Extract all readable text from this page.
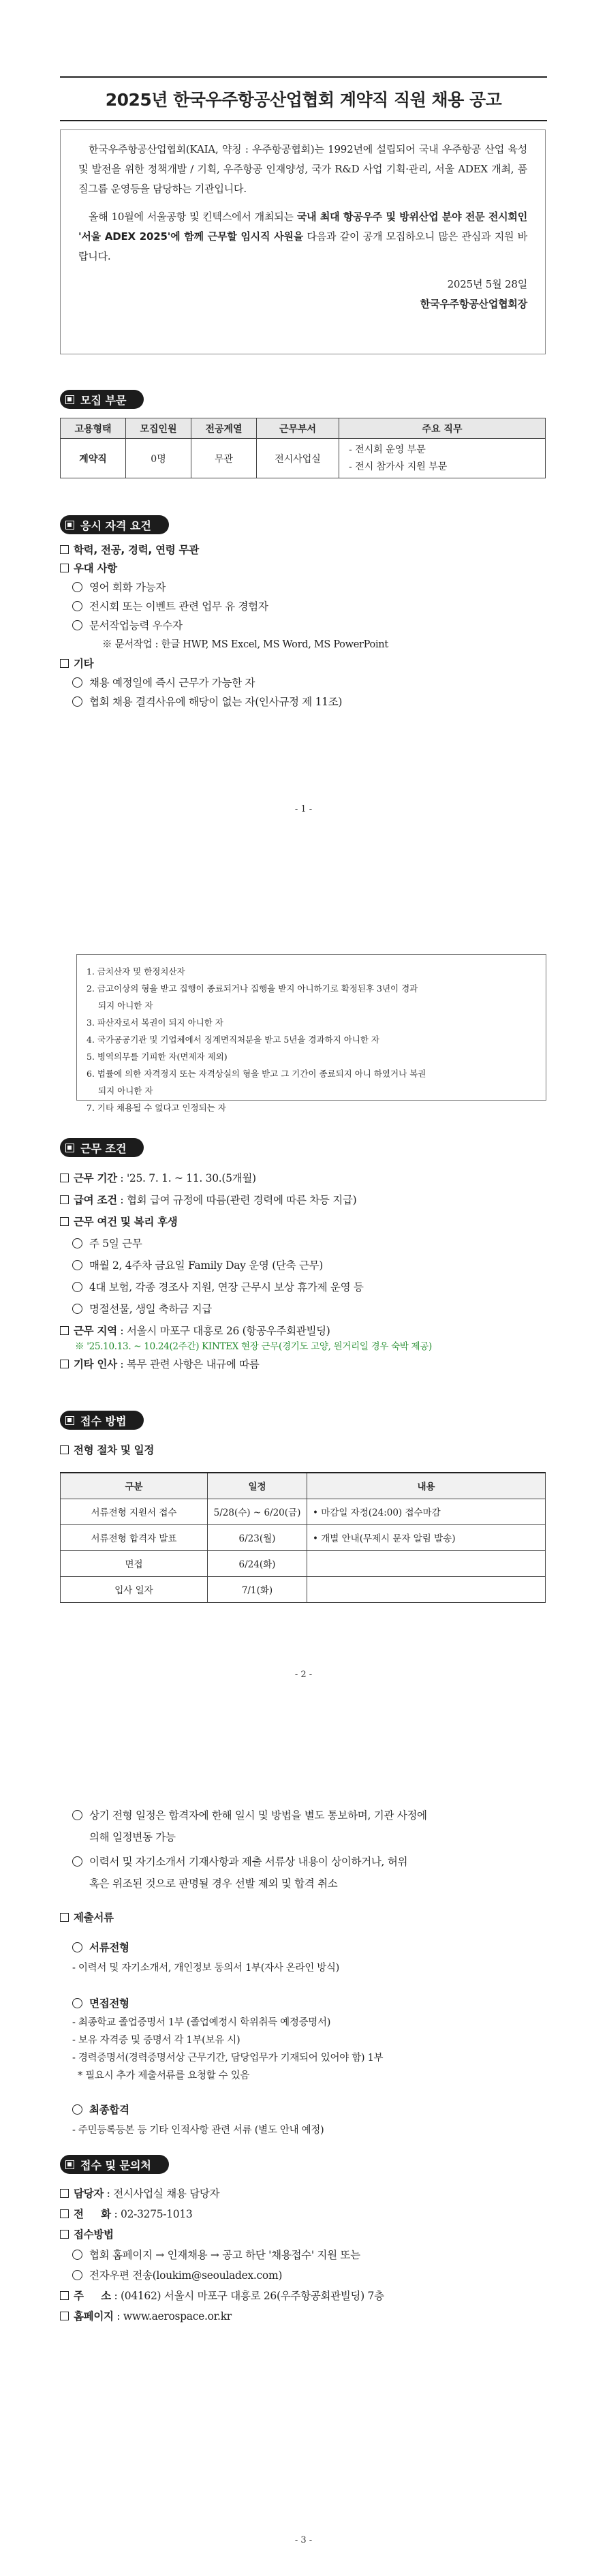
2025년 한국우주항공산업협회 계약직 직원 채용 공고

한국우주항공산업협회(KAIA, 약칭 : 우주항공협회)는 1992년에 설립되어 국내 우주항공 산업 육성 및 발전을 위한 정책개발 / 기획, 우주항공 인재양성, 국가 R&D 사업 기획·관리, 서울 ADEX 개최, 품질그룹 운영등을 담당하는 기관입니다.

올해 10월에 서울공항 및 킨텍스에서 개최되는 국내 최대 항공우주 및 방위산업 분야 전문 전시회인 '서울 ADEX 2025'에 함께 근무할 임시직 사원을 다음과 같이 공개 모집하오니 많은 관심과 지원 바랍니다.

2025년 5월 28일

한국우주항공산업협회장

모집 부문
고용형태	모집인원	전공계열	근무부서	주요 직무
계약직	0명	무관	전시사업실	- 전시회 운영 부문
- 전시 참가사 지원 부문
응시 자격 요건
학력, 전공, 경력, 연령 무관
우대 사항
영어 회화 가능자
전시회 또는 이벤트 관련 업무 유 경험자
문서작업능력 우수자
※ 문서작업 : 한글 HWP, MS Excel, MS Word, MS PowerPoint
기타
채용 예정일에 즉시 근무가 가능한 자
협회 채용 결격사유에 해당이 없는 자(인사규정 제 11조)
- 1 -
1. 금치산자 및 한정치산자
2. 금고이상의 형을 받고 집행이 종료되거나 집행을 받지 아니하기로 확정된후 3년이 경과
되지 아니한 자
3. 파산자로서 복권이 되지 아니한 자
4. 국가공공기관 및 기업체에서 징계면직처분을 받고 5년을 경과하지 아니한 자
5. 병역의무를 기피한 자(면제자 제외)
6. 법률에 의한 자격정지 또는 자격상실의 형을 받고 그 기간이 종료되지 아니 하였거나 복권
되지 아니한 자
7. 기타 채용될 수 없다고 인정되는 자
근무 조건
근무 기간 : '25. 7. 1. ~ 11. 30.(5개월)
급여 조건 : 협회 급여 규정에 따름(관련 경력에 따른 차등 지급)
근무 여건 및 복리 후생
주 5일 근무
매월 2, 4주차 금요일 Family Day 운영 (단축 근무)
4대 보험, 각종 경조사 지원, 연장 근무시 보상 휴가제 운영 등
명절선물, 생일 축하금 지급
근무 지역 : 서울시 마포구 대흥로 26 (항공우주회관빌딩)
※ '25.10.13. ~ 10.24(2주간) KINTEX 현장 근무(경기도 고양, 원거리일 경우 숙박 제공)
기타 인사 : 복무 관련 사항은 내규에 따름
접수 방법
전형 절차 및 일정
구분	일정	내용
서류전형 지원서 접수	5/28(수) ~ 6/20(금)	• 마감일 자정(24:00) 접수마감
서류전형 합격자 발표	6/23(월)	• 개별 안내(무제시 문자 알림 발송)
면접	6/24(화)	
입사 일자	7/1(화)	
- 2 -
상기 전형 일정은 합격자에 한해 일시 및 방법을 별도 통보하며, 기관 사정에
의해 일정변동 가능
이력서 및 자기소개서 기재사항과 제출 서류상 내용이 상이하거나, 허위
혹은 위조된 것으로 판명될 경우 선발 제외 및 합격 취소
제출서류
서류전형
- 이력서 및 자기소개서, 개인정보 동의서 1부(자사 온라인 방식)
면접전형
- 최종학교 졸업증명서 1부 (졸업예정시 학위취득 예정증명서)
- 보유 자격증 및 증명서 각 1부(보유 시)
- 경력증명서(경력증명서상 근무기간, 담당업무가 기재되어 있어야 함) 1부
* 필요시 추가 제출서류를 요청할 수 있음
최종합격
- 주민등록등본 등 기타 인적사항 관련 서류 (별도 안내 예정)
접수 및 문의처
담당자 : 전시사업실 채용 담당자
전     화 : 02-3275-1013
접수방법
협회 홈페이지 → 인재채용 → 공고 하단 '채용접수' 지원 또는
전자우편 전송(loukim@seouladex.com)
주     소 : (04162) 서울시 마포구 대흥로 26(우주항공회관빌딩) 7층
홈페이지 : www.aerospace.or.kr
- 3 -
